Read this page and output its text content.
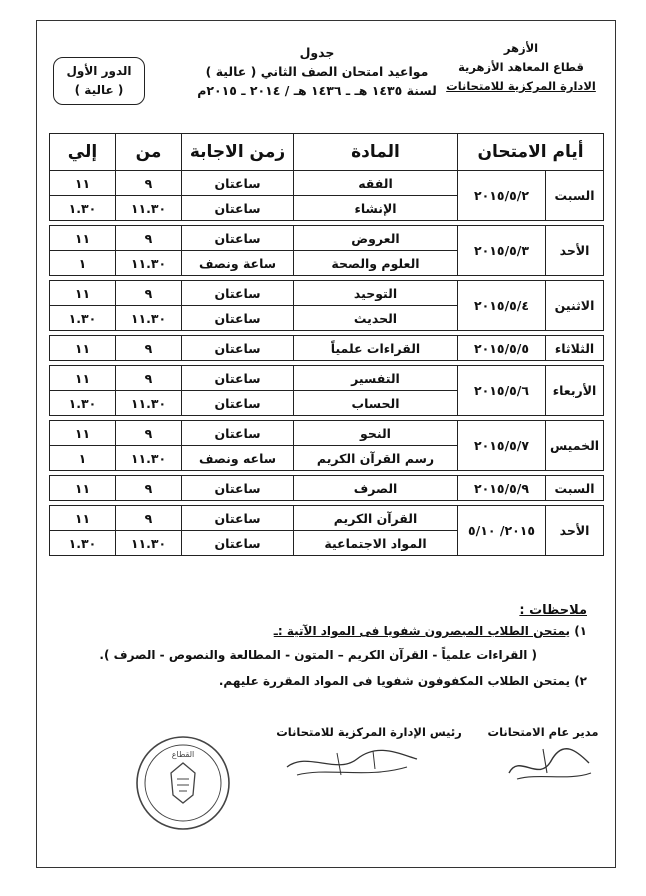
الأزهر
قطاع المعاهد الأزهرية
الادارة المركزية للامتحانات
جدول
مواعيد امتحان الصف الثاني ( عالية )
لسنة ١٤٣٥ هـ ـ ١٤٣٦ هـ / ٢٠١٤ ـ ٢٠١٥م
الدور الأول
( عالية )
أيام الامتحان		المادة	زمن الاجابة	من	إلي
السبت	٢٠١٥/٥/٢	الفقه	ساعتان	٩	١١
		الإنشاء	ساعتان	١١.٣٠	١.٣٠

الأحد	٢٠١٥/٥/٣	العروض	ساعتان	٩	١١
		العلوم والصحة	ساعة ونصف	١١.٣٠	١

الاثنين	٢٠١٥/٥/٤	التوحيد	ساعتان	٩	١١
		الحديث	ساعتان	١١.٣٠	١.٣٠

الثلاثاء	٢٠١٥/٥/٥	القراءات علمياً	ساعتان	٩	١١

الأربعاء	٢٠١٥/٥/٦	التفسير	ساعتان	٩	١١
		الحساب	ساعتان	١١.٣٠	١.٣٠

الخميس	٢٠١٥/٥/٧	النحو	ساعتان	٩	١١
		رسم القرآن الكريم	ساعه ونصف	١١.٣٠	١

السبت	٢٠١٥/٥/٩	الصرف	ساعتان	٩	١١

الأحد	٢٠١٥/ ٥/١٠	القرآن الكريم	ساعتان	٩	١١
		المواد الاجتماعية	ساعتان	١١.٣٠	١.٣٠
ملاحظات :
١) يمتحن الطلاب المبصرون شفويا فى المواد الآتية :ـ
( القراءات علمياً - القرآن الكريم – المتون - المطالعة والنصوص - الصرف ).
٢) يمتحن الطلاب المكفوفون شفويا فى المواد المقررة عليهم.
رئيس الإدارة المركزية للامتحانات	مدير عام الامتحانات
القطاع
